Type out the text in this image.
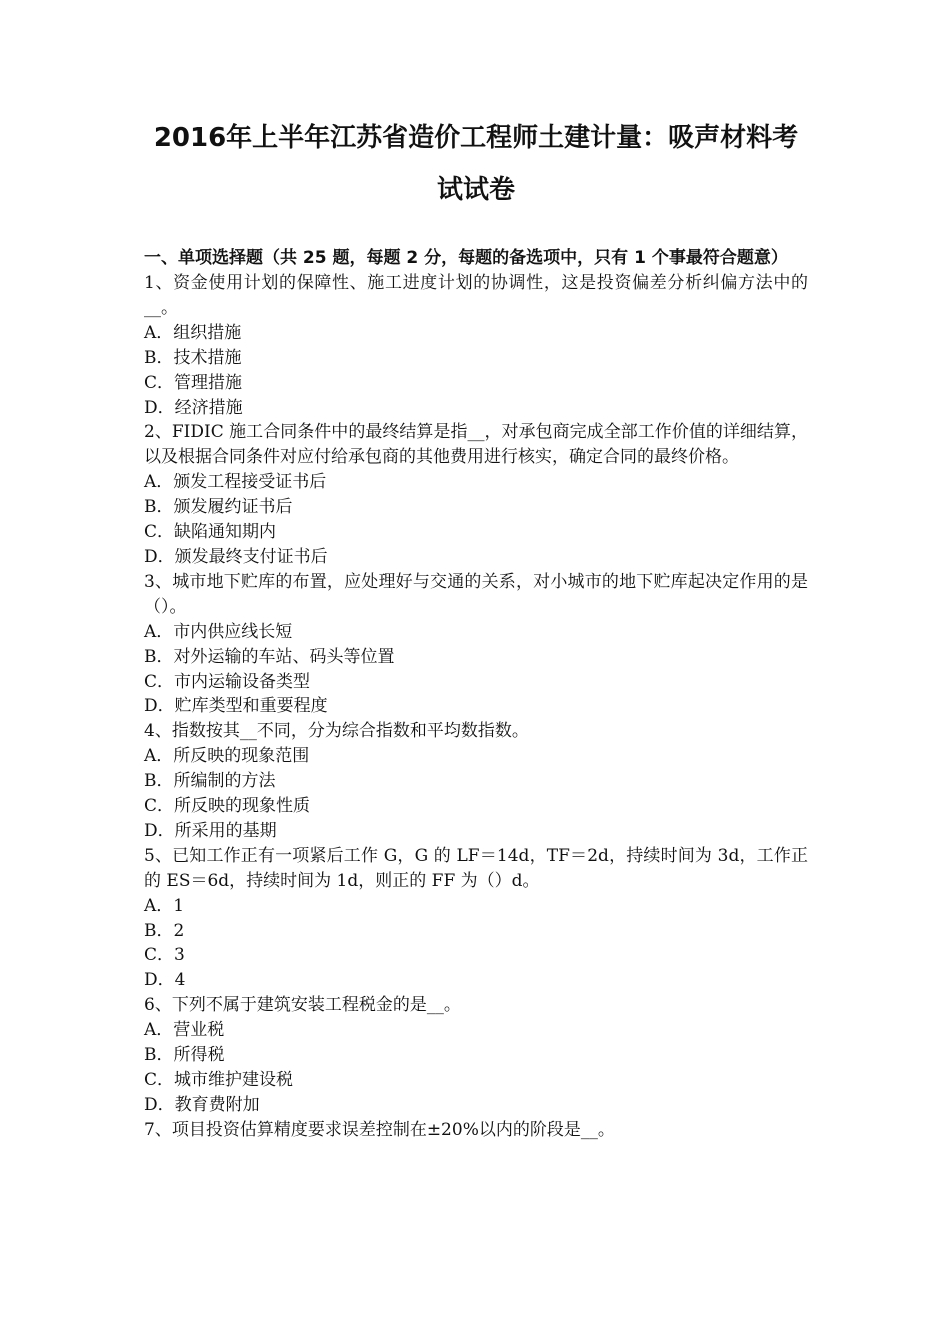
2016年上半年江苏省造价工程师土建计量：吸声材料考试试卷
一、单项选择题（共 25 题，每题 2 分，每题的备选项中，只有 1 个事最符合题意）
1、资金使用计划的保障性、施工进度计划的协调性，这是投资偏差分析纠偏方法中的__。
A．组织措施
B．技术措施
C．管理措施
D．经济措施
2、FIDIC 施工合同条件中的最终结算是指__，对承包商完成全部工作价值的详细结算，以及根据合同条件对应付给承包商的其他费用进行核实，确定合同的最终价格。
A．颁发工程接受证书后
B．颁发履约证书后
C．缺陷通知期内
D．颁发最终支付证书后
3、城市地下贮库的布置，应处理好与交通的关系，对小城市的地下贮库起决定作用的是（）。
A．市内供应线长短
B．对外运输的车站、码头等位置
C．市内运输设备类型
D．贮库类型和重要程度
4、指数按其__不同，分为综合指数和平均数指数。
A．所反映的现象范围
B．所编制的方法
C．所反映的现象性质
D．所采用的基期
5、已知工作正有一项紧后工作 G，G 的 LF＝14d，TF＝2d，持续时间为 3d，工作正的 ES＝6d，持续时间为 1d，则正的 FF 为（）d。
A．1
B．2
C．3
D．4
6、下列不属于建筑安装工程税金的是__。
A．营业税
B．所得税
C．城市维护建设税
D．教育费附加
7、项目投资估算精度要求误差控制在±20%以内的阶段是__。
